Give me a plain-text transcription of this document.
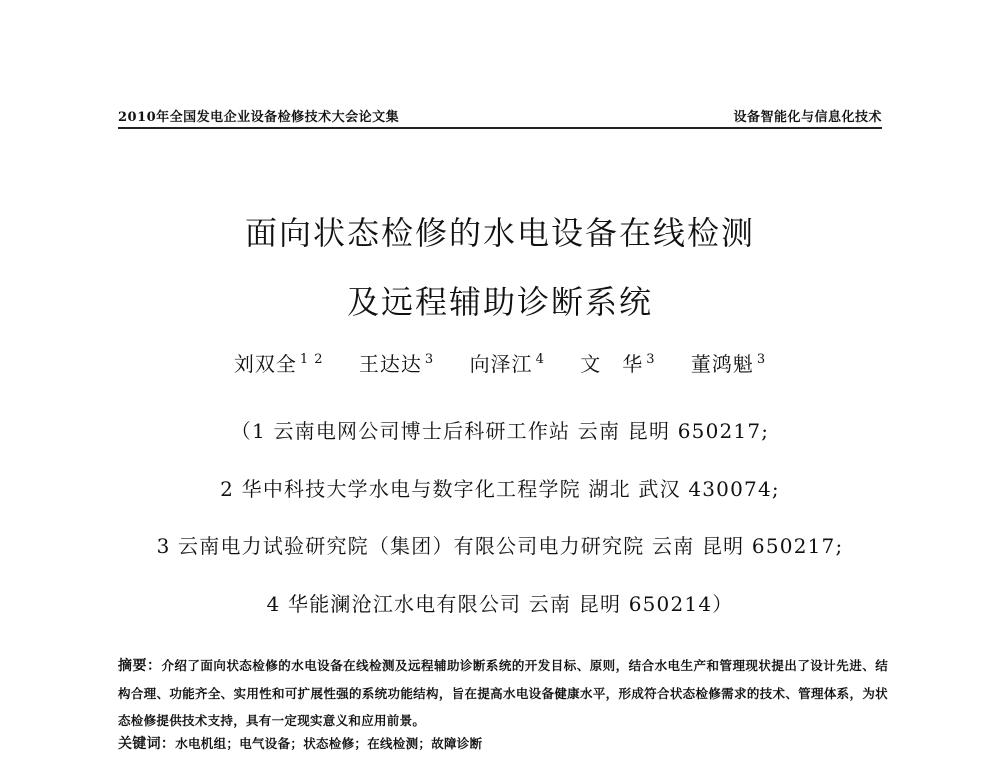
2010年全国发电企业设备检修技术大会论文集	设备智能化与信息化技术
面向状态检修的水电设备在线检测
及远程辅助诊断系统
刘双全 $^{1 2}$ 王达达 $^3$ 向泽江 $^4$ 文　华 $^3$ 董鸿魁 $^3$
（1 云南电网公司博士后科研工作站 云南 昆明 650217;
2 华中科技大学水电与数字化工程学院 湖北 武汉 430074;
3 云南电力试验研究院（集团）有限公司电力研究院 云南 昆明 650217;
4 华能澜沧江水电有限公司 云南 昆明 650214）
摘要：介绍了面向状态检修的水电设备在线检测及远程辅助诊断系统的开发目标、原则，结合水电生产和管理现状提出了设计先进、结构合理、功能齐全、实用性和可扩展性强的系统功能结构，旨在提高水电设备健康水平，形成符合状态检修需求的技术、管理体系，为状态检修提供技术支持，具有一定现实意义和应用前景。
关键词：水电机组；电气设备；状态检修；在线检测；故障诊断
